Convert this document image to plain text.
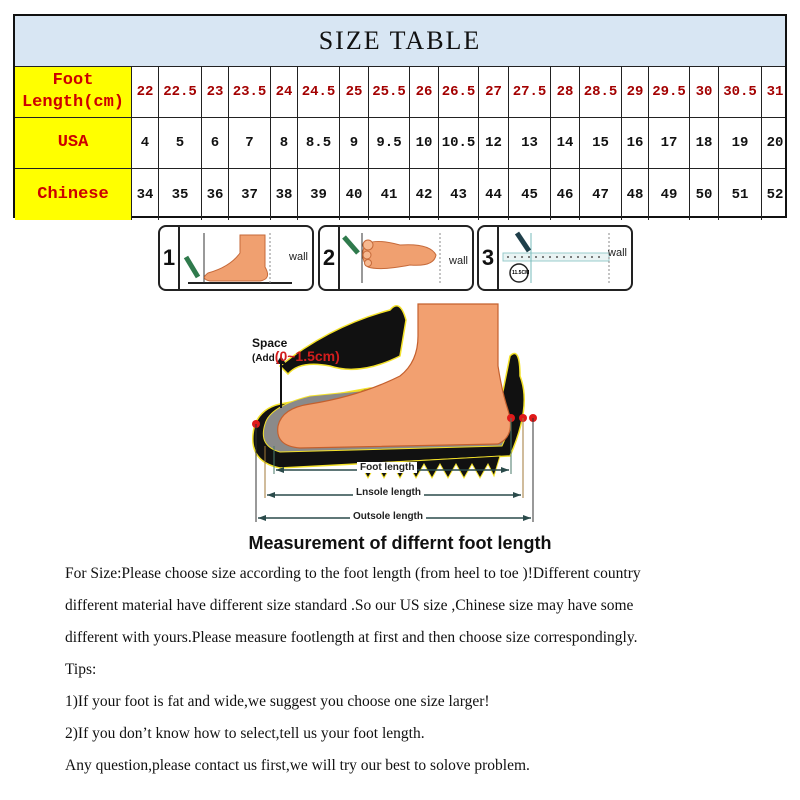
SIZE TABLE
Foot
Length(cm)
22 22.5 23 23.5 24 24.5 25 25.5 26 26.5 27 27.5 28 28.5 29 29.5 30 30.5 31
USA	4	5	6	7	8	8.5	9	9.5 10 10.5 12	13	14	15	16	17	18	19	20
Chinese	34	35	36	37	38	39	40	41	42	43	44	45	46	47	48	49	50	51	52
1	wall 2	wall 3
11.5CM
wall
Space
(Add(0~1.5cm)
Foot length
Lnsole length
Outsole length
Measurement of differnt foot length

For Size:Please choose size according to the foot length (from heel to toe )!Different country

different material have different size standard .So our US size ,Chinese size may have some

different with yours.Please measure footlength at first and then choose size correspondingly.

Tips:

1)If your foot is fat and wide,we suggest you choose one size larger!

2)If you don’t know how to select,tell us your foot length.

Any question,please contact us first,we will try our best to solove problem.
